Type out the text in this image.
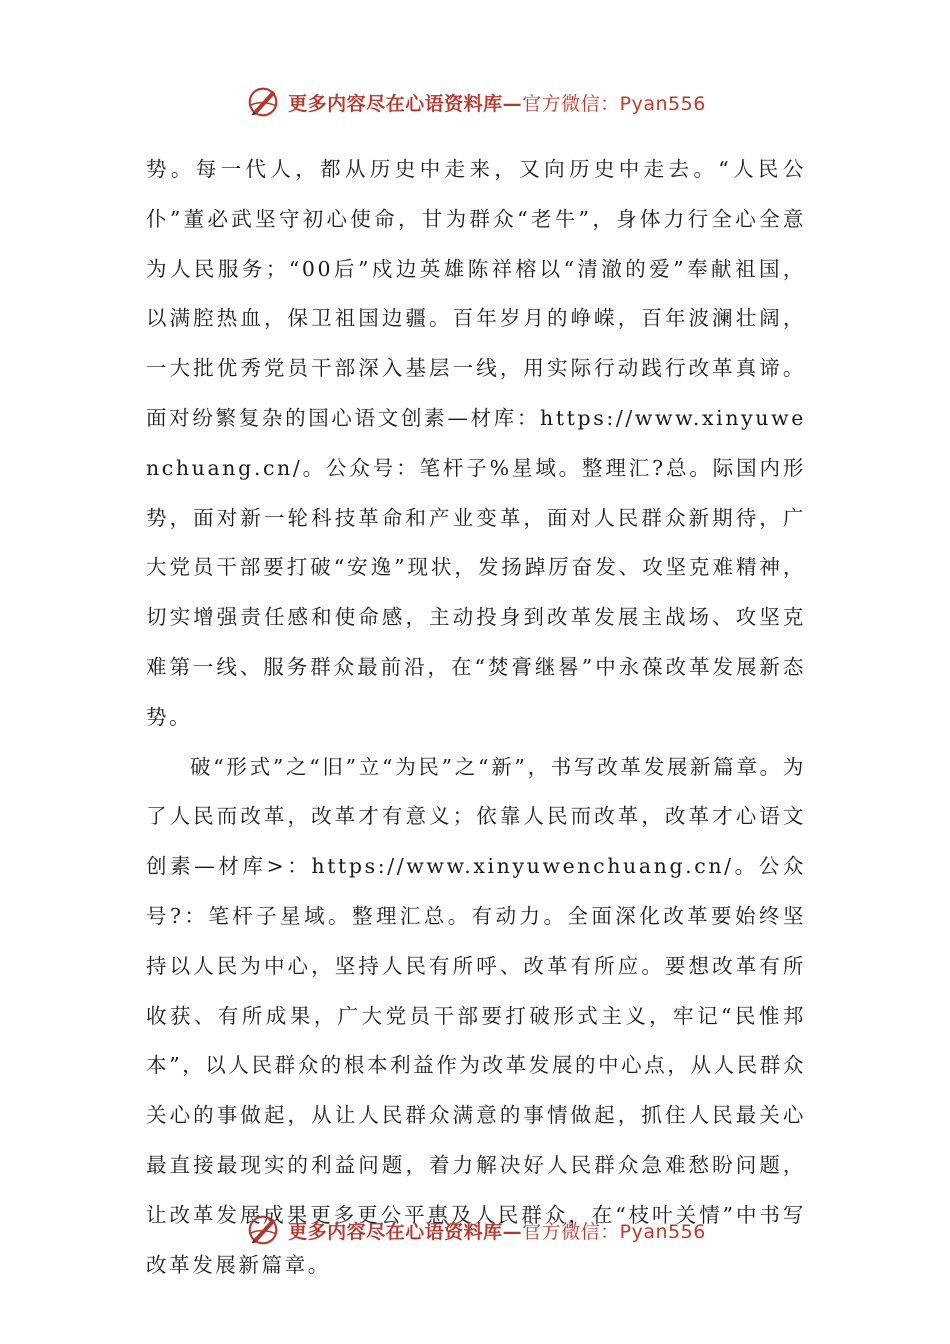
更多内容尽在心语资料库— 官方微信：Pyan556

势。每一代人，都从历史中走来，又向历史中走去。“人民公仆”董必武坚守初心使命，甘为群众“老牛”，身体力行全心全意为人民服务；“00后”戍边英雄陈祥榕以“清澈的爱”奉献祖国，以满腔热血，保卫祖国边疆。百年岁月的峥嵘，百年波澜壮阔，一大批优秀党员干部深入基层一线，用实际行动践行改革真谛。面对纷繁复杂的国心语文创素—材库：https://www.xinyuwenchuang.cn/。公众号：笔杆子%星域。整理汇?总。际国内形势，面对新一轮科技革命和产业变革，面对人民群众新期待，广大党员干部要打破“安逸”现状，发扬踔厉奋发、攻坚克难精神，切实增强责任感和使命感，主动投身到改革发展主战场、攻坚克难第一线、服务群众最前沿，在“焚膏继晷”中永葆改革发展新态势。

破“形式”之“旧”立“为民”之“新”，书写改革发展新篇章。为了人民而改革，改革才有意义；依靠人民而改革，改革才心语文创素—材库>：https://www.xinyuwenchuang.cn/。公众号?：笔杆子星域。整理汇总。有动力。全面深化改革要始终坚持以人民为中心，坚持人民有所呼、改革有所应。要想改革有所收获、有所成果，广大党员干部要打破形式主义，牢记“民惟邦本”，以人民群众的根本利益作为改革发展的中心点，从人民群众关心的事做起，从让人民群众满意的事情做起，抓住人民最关心最直接最现实的利益问题，着力解决好人民群众急难愁盼问题，让改革发展成果更多更公平惠及人民群众，在“枝叶关情”中书写改革发展新篇章。

更多内容尽在心语资料库— 官方微信：Pyan556
